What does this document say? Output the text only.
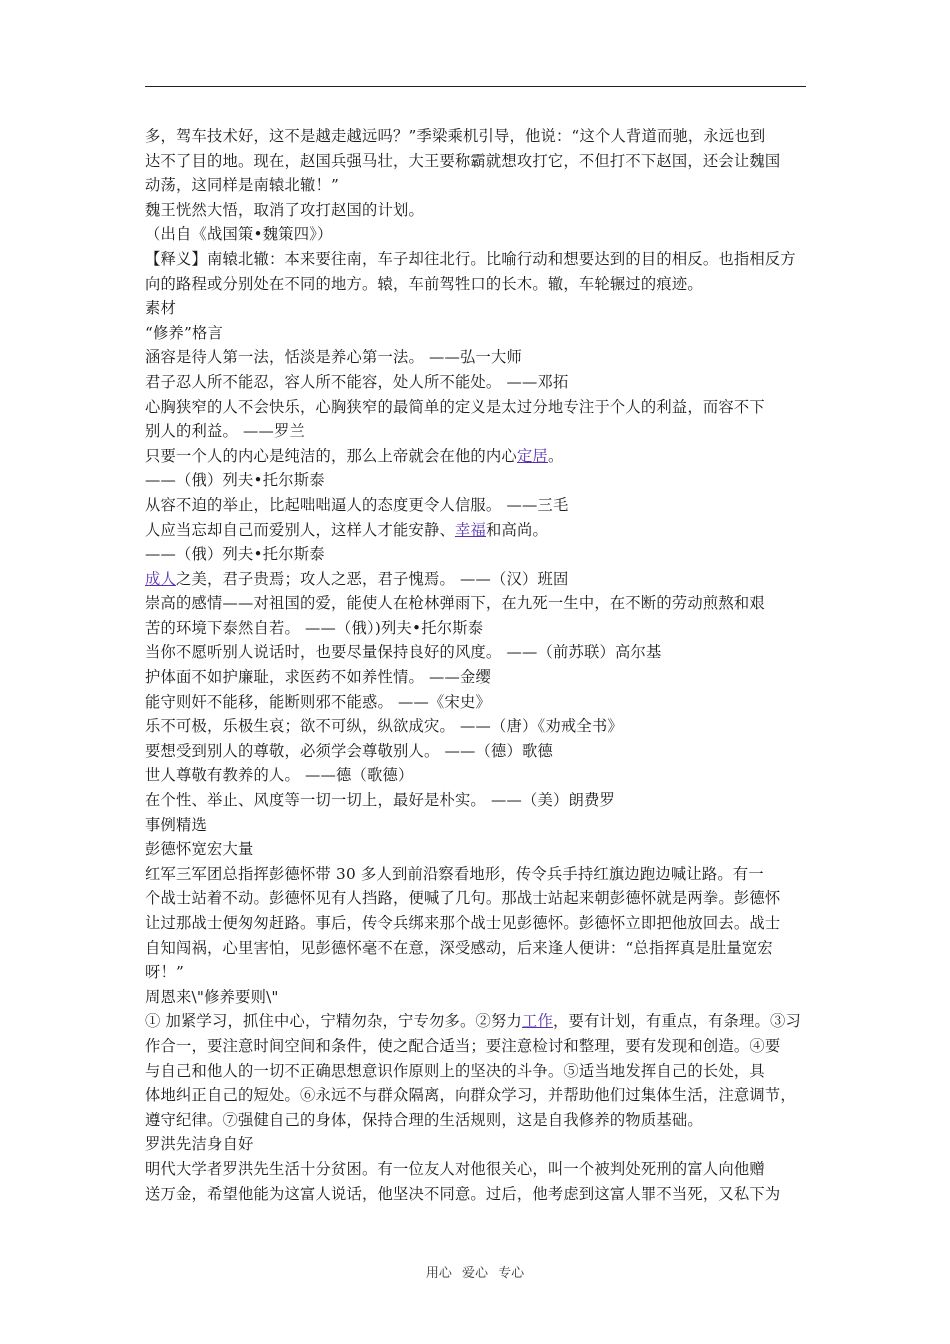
多，驾车技术好，这不是越走越远吗？”季梁乘机引导，他说：“这个人背道而驰，永远也到
达不了目的地。现在，赵国兵强马壮，大王要称霸就想攻打它，不但打不下赵国，还会让魏国
动荡，这同样是南辕北辙！”
魏王恍然大悟，取消了攻打赵国的计划。
（出自《战国策•魏策四》）
【释义】南辕北辙：本来要往南，车子却往北行。比喻行动和想要达到的目的相反。也指相反方
向的路程或分别处在不同的地方。辕，车前驾牲口的长木。辙，车轮辗过的痕迹。
素材
“修养”格言
涵容是待人第一法，恬淡是养心第一法。 ——弘一大师
君子忍人所不能忍，容人所不能容，处人所不能处。 ——邓拓
心胸狭窄的人不会快乐，心胸狭窄的最简单的定义是太过分地专注于个人的利益，而容不下
别人的利益。 ——罗兰
只要一个人的内心是纯洁的，那么上帝就会在他的内心定居。
——（俄）列夫•托尔斯泰
从容不迫的举止，比起咄咄逼人的态度更令人信服。 ——三毛
人应当忘却自己而爱别人，这样人才能安静、幸福和高尚。
——（俄）列夫•托尔斯泰
成人之美，君子贵焉；攻人之恶，君子愧焉。 ——（汉）班固
崇高的感情——对祖国的爱，能使人在枪林弹雨下，在九死一生中，在不断的劳动煎熬和艰
苦的环境下泰然自若。 ——（俄）)列夫•托尔斯泰
当你不愿听别人说话时，也要尽量保持良好的风度。 ——（前苏联）高尔基
护体面不如护廉耻，求医药不如养性情。 ——金缨
能守则奸不能移，能断则邪不能惑。 ——《宋史》
乐不可极，乐极生哀；欲不可纵，纵欲成灾。 ——（唐）《劝戒全书》
要想受到别人的尊敬，必须学会尊敬别人。 ——（德）歌德
世人尊敬有教养的人。 ——德（歌德）
在个性、举止、风度等一切一切上，最好是朴实。 ——（美）朗费罗
事例精选
彭德怀宽宏大量
红军三军团总指挥彭德怀带 30 多人到前沿察看地形，传令兵手持红旗边跑边喊让路。有一
个战士站着不动。彭德怀见有人挡路，便喊了几句。那战士站起来朝彭德怀就是两拳。彭德怀
让过那战士便匆匆赶路。事后，传令兵绑来那个战士见彭德怀。彭德怀立即把他放回去。战士
自知闯祸，心里害怕，见彭德怀毫不在意，深受感动，后来逢人便讲：“总指挥真是肚量宽宏
呀！”
周恩来\"修养要则\"
① 加紧学习，抓住中心，宁精勿杂，宁专勿多。②努力工作，要有计划，有重点，有条理。③习
作合一，要注意时间空间和条件，使之配合适当；要注意检讨和整理，要有发现和创造。④要
与自己和他人的一切不正确思想意识作原则上的坚决的斗争。⑤适当地发挥自己的长处，具
体地纠正自己的短处。⑥永远不与群众隔离，向群众学习，并帮助他们过集体生活，注意调节，
遵守纪律。⑦强健自己的身体，保持合理的生活规则，这是自我修养的物质基础。
罗洪先洁身自好
明代大学者罗洪先生活十分贫困。有一位友人对他很关心，叫一个被判处死刑的富人向他赠
送万金，希望他能为这富人说话，他坚决不同意。过后，他考虑到这富人罪不当死，又私下为
用心 爱心 专心
